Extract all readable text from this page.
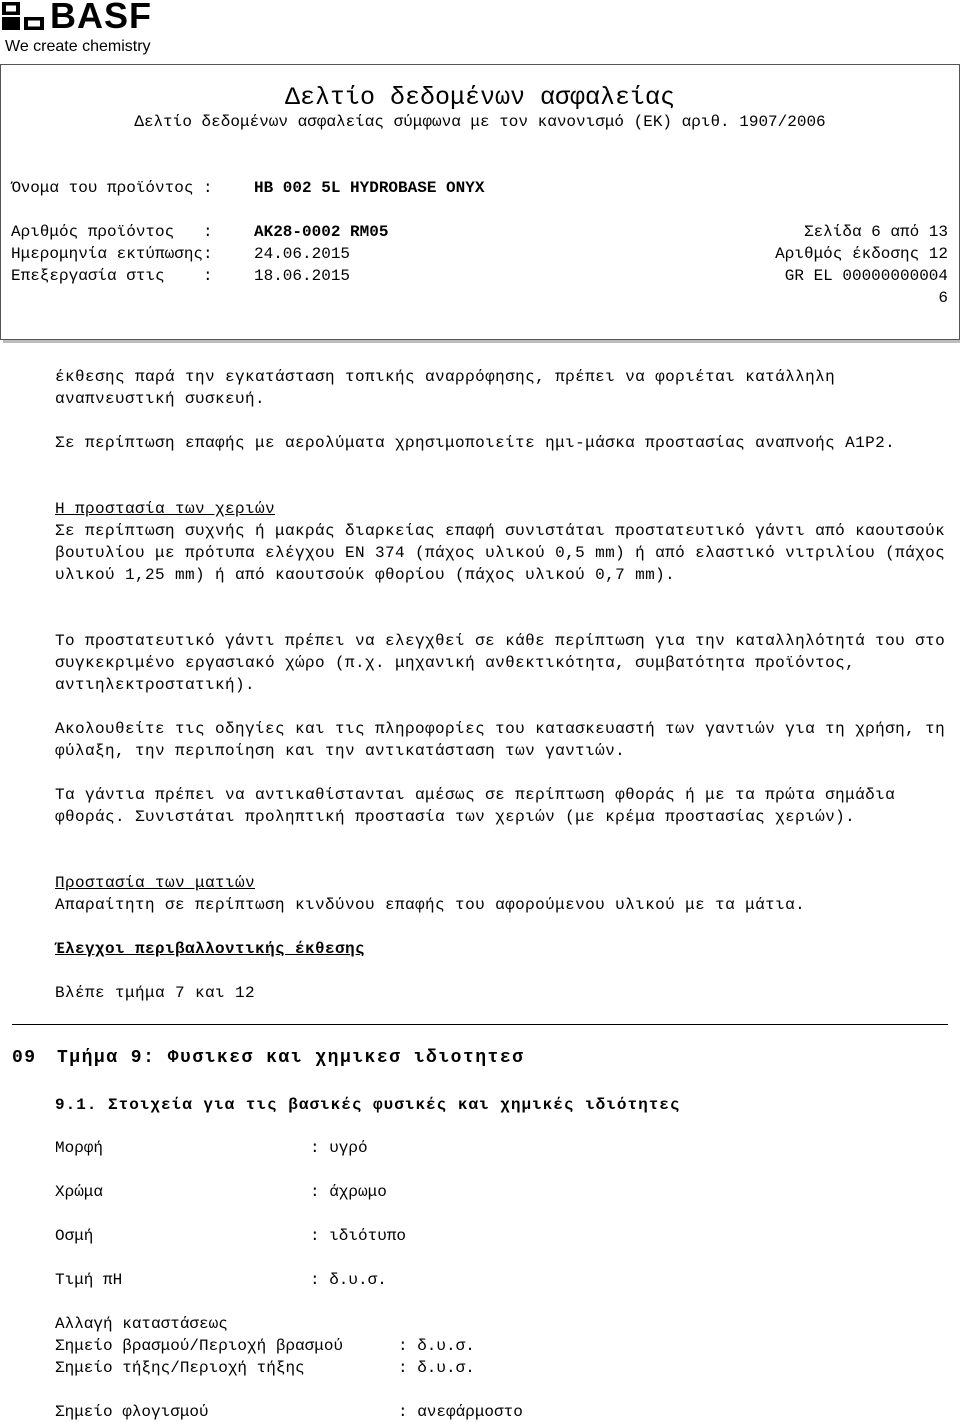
BASF
We create chemistry
Δελτίο δεδομένων ασφαλείας
Δελτίο δεδομένων ασφαλείας σύμφωνα με τον κανονισμό (ΕΚ) αριθ. 1907/2006
Όνομα του προϊόντος :	HB 002 5L HYDROBASE ONYX
Αριθμός προϊόντος   :	AK28-0002 RM05	Σελίδα 6 από 13
Ημερομηνία εκτύπωσης:	24.06.2015	Αριθμός έκδοσης 12
Επεξεργασία στις    :	18.06.2015	GR EL 00000000004
6
έκθεσης παρά την εγκατάσταση τοπικής αναρρόφησης, πρέπει να φοριέται κατάλληλη αναπνευστική συσκευή.
Σε περίπτωση επαφής με αερολύματα χρησιμοποιείτε ημι-μάσκα προστασίας αναπνοής A1P2.
Η προστασία των χεριών
Σε περίπτωση συχνής ή μακράς διαρκείας επαφή συνιστάται προστατευτικό γάντι από καουτσούκ βουτυλίου με πρότυπα ελέγχου EN 374 (πάχος υλικού 0,5 mm) ή από ελαστικό νιτριλίου (πάχος υλικού 1,25 mm) ή από καουτσούκ φθορίου (πάχος υλικού 0,7 mm).
Το προστατευτικό γάντι πρέπει να ελεγχθεί σε κάθε περίπτωση για την καταλληλότητά του στο συγκεκριμένο εργασιακό χώρο (π.χ. μηχανική ανθεκτικότητα, συμβατότητα προϊόντος, αντιηλεκτροστατική).
Ακολουθείτε τις οδηγίες και τις πληροφορίες του κατασκευαστή των γαντιών για τη χρήση, τη φύλαξη, την περιποίηση και την αντικατάσταση των γαντιών.
Τα γάντια πρέπει να αντικαθίστανται αμέσως σε περίπτωση φθοράς ή με τα πρώτα σημάδια φθοράς. Συνιστάται προληπτική προστασία των χεριών (με κρέμα προστασίας χεριών).
Προστασία των ματιών
Απαραίτητη σε περίπτωση κινδύνου επαφής του αφορούμενου υλικού με τα μάτια.
Έλεγχοι περιβαλλοντικής έκθεσης
Βλέπε τμήμα 7 και 12
09 Τμήμα 9: Φυσικεσ και χημικεσ ιδιοτητεσ
9.1. Στοιχεία για τις βασικές φυσικές και χημικές ιδιότητες
Μορφή	: υγρό
Χρώμα	: άχρωμο
Οσμή	: ιδιότυπο
Τιμή πΗ	: δ.υ.σ.
Αλλαγή καταστάσεως
Σημείο βρασμού/Περιοχή βρασμού	: δ.υ.σ.
Σημείο τήξης/Περιοχή τήξης	: δ.υ.σ.
Σημείο φλογισμού	: ανεφάρμοστο
